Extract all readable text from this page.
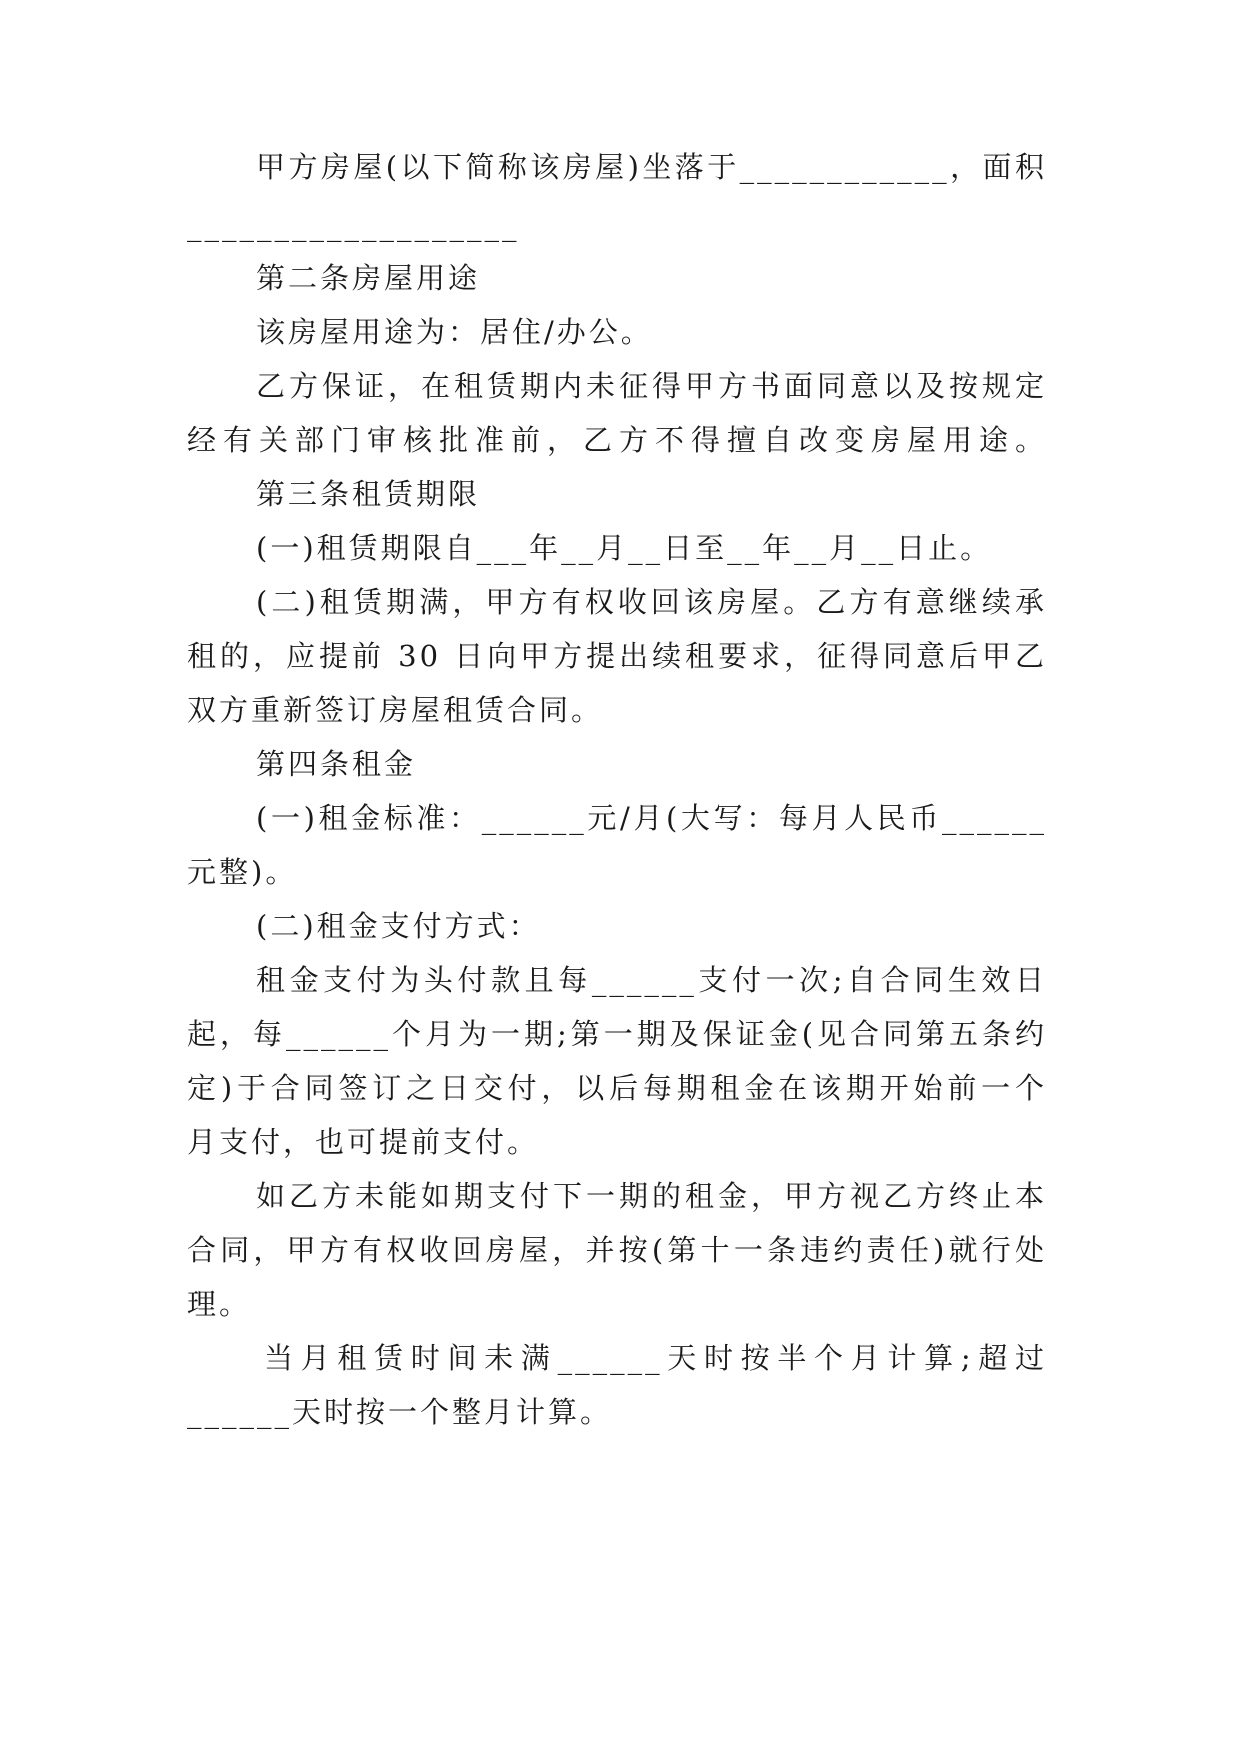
甲方房屋(以下简称该房屋)坐落于____________，面积
___________________
第二条房屋用途
该房屋用途为：居住/办公。
乙方保证，在租赁期内未征得甲方书面同意以及按规定
经有关部门审核批准前，乙方不得擅自改变房屋用途。
第三条租赁期限
(一)租赁期限自___年__月__日至__年__月__日止。
(二)租赁期满，甲方有权收回该房屋。乙方有意继续承
租的，应提前 30 日向甲方提出续租要求，征得同意后甲乙
双方重新签订房屋租赁合同。
第四条租金
(一)租金标准：______元/月(大写：每月人民币______
元整)。
(二)租金支付方式：
租金支付为头付款且每______支付一次;自合同生效日
起，每______个月为一期;第一期及保证金(见合同第五条约
定)于合同签订之日交付，以后每期租金在该期开始前一个
月支付，也可提前支付。
如乙方未能如期支付下一期的租金，甲方视乙方终止本
合同，甲方有权收回房屋，并按(第十一条违约责任)就行处
理。
当月租赁时间未满______天时按半个月计算;超过
______天时按一个整月计算。
